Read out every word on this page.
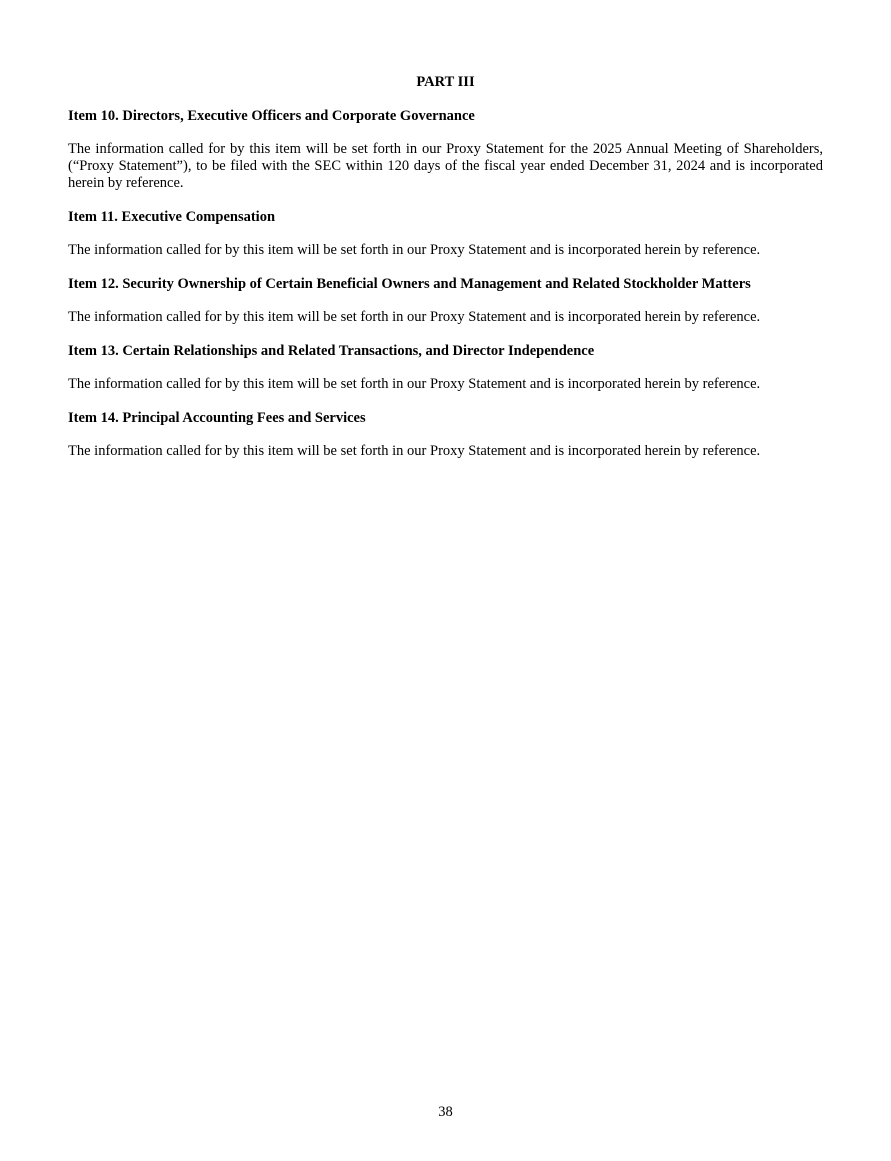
PART III
Item 10. Directors, Executive Officers and Corporate Governance
The information called for by this item will be set forth in our Proxy Statement for the 2025 Annual Meeting of Shareholders, (“Proxy Statement”), to be filed with the SEC within 120 days of the fiscal year ended December 31, 2024 and is incorporated herein by reference.
Item 11. Executive Compensation
The information called for by this item will be set forth in our Proxy Statement and is incorporated herein by reference.
Item 12. Security Ownership of Certain Beneficial Owners and Management and Related Stockholder Matters
The information called for by this item will be set forth in our Proxy Statement and is incorporated herein by reference.
Item 13. Certain Relationships and Related Transactions, and Director Independence
The information called for by this item will be set forth in our Proxy Statement and is incorporated herein by reference.
Item 14. Principal Accounting Fees and Services
The information called for by this item will be set forth in our Proxy Statement and is incorporated herein by reference.
38
